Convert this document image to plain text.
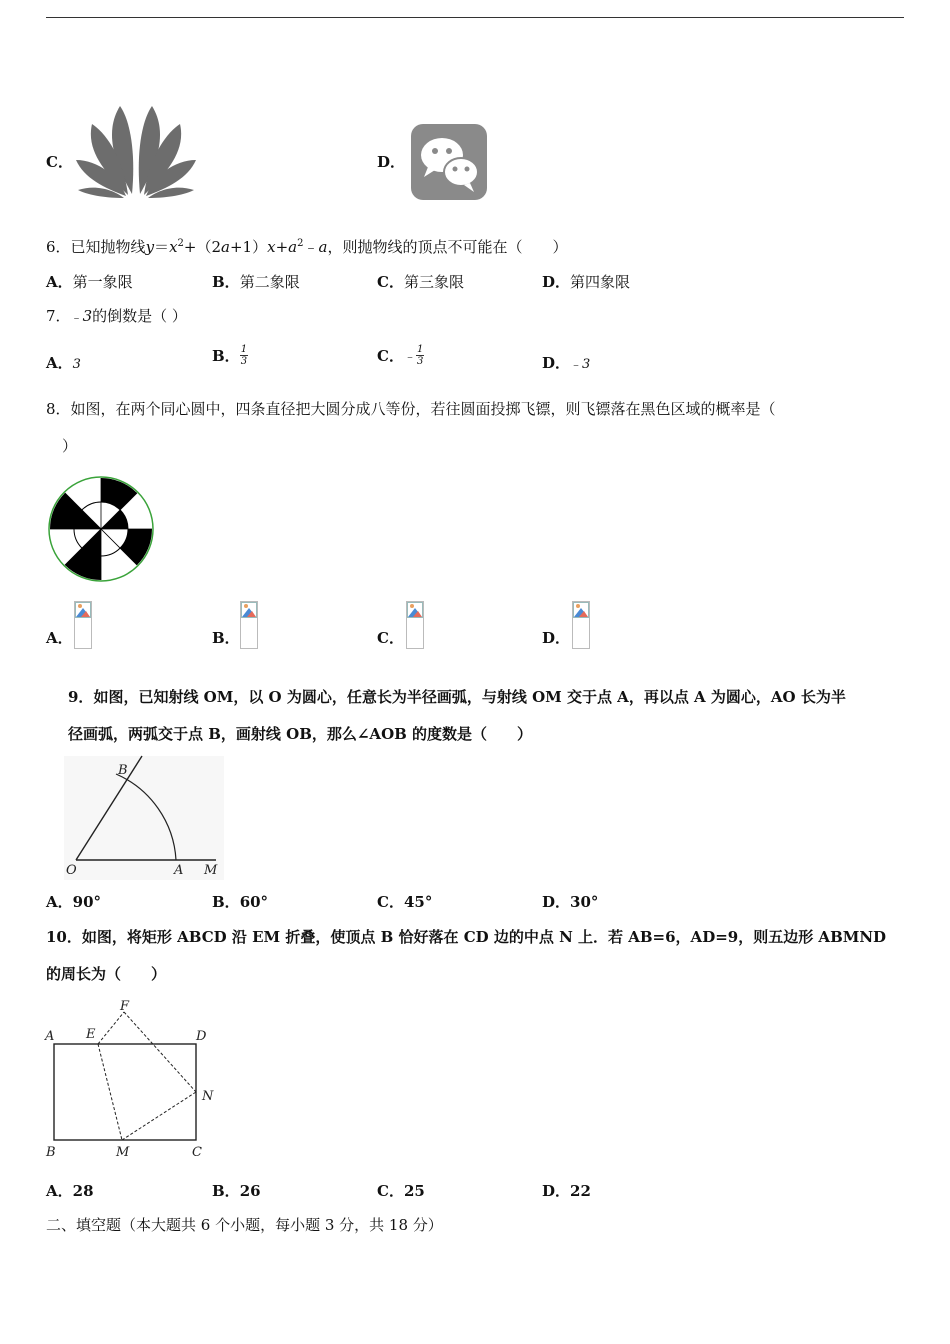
C．	D．
6．已知抛物线$y=x^2+(2a+1)x+a^2﹣a$，则抛物线的顶点不可能在（　　）
A．第一象限	B．第二象限	C．第三象限	D．第四象限
7．﹣3的倒数是（ ）
A．3	B． $\frac{1}{3}$	C．﹣ $\frac{1}{3}$	D．﹣3
8．如图，在两个同心圆中，四条直径把大圆分成八等份，若往圆面投掷飞镖，则飞镖落在黑色区域的概率是（
）
A．	B．	C．	D．
9．如图，已知射线 OM，以 O 为圆心，任意长为半径画弧，与射线 OM 交于点 A，再以点 A 为圆心，AO 长为半
径画弧，两弧交于点 B，画射线 OB，那么∠AOB 的度数是（　　）
B
O	A M
A．90°	B．60°	C．45°	D．30°
10．如图，将矩形 ABCD 沿 EM 折叠，使顶点 B 恰好落在 CD 边的中点 N 上．若 AB=6，AD=9，则五边形 ABMND
的周长为（　　）
F
A E	D
N
B	M	C
A．28	B．26	C．25	D．22
二、填空题（本大题共 6 个小题，每小题 3 分，共 18 分）
